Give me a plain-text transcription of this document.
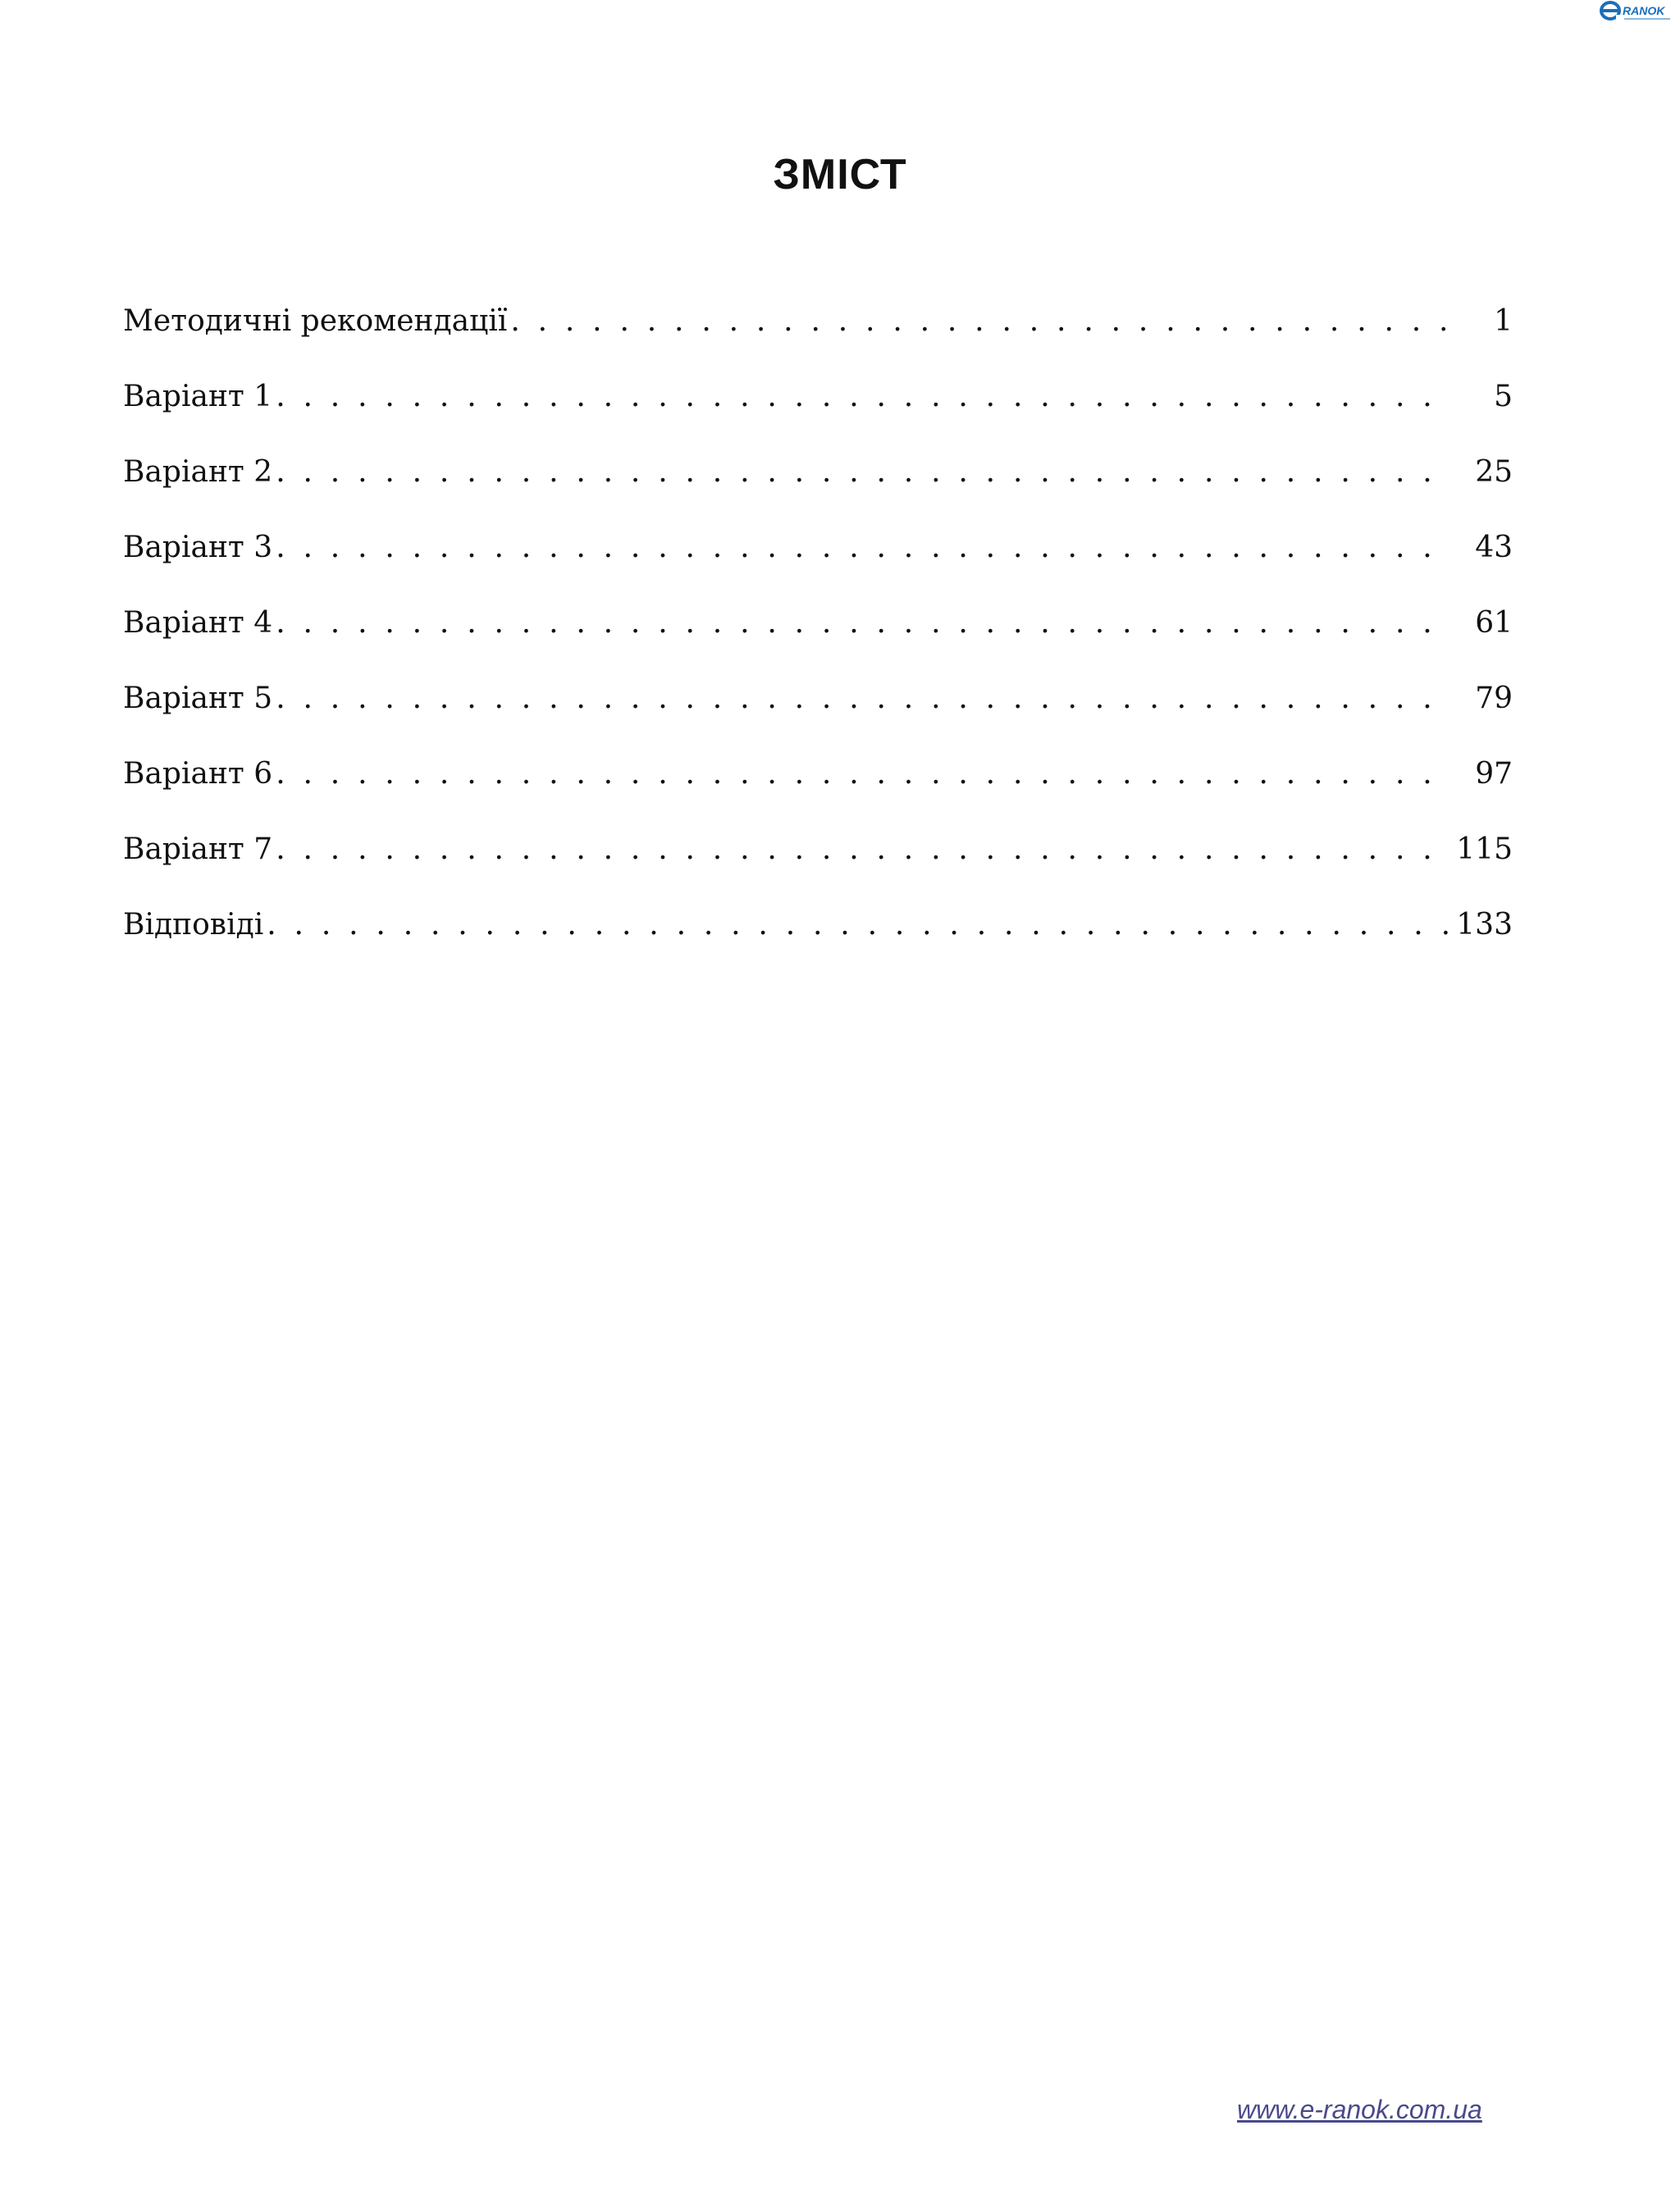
RANOK
ЗМІСТ
Методичні рекомендації . . .	1
Варіант 1 . . .	5
Варіант 2 . . .	25
Варіант 3 . . .	43
Варіант 4 . . .	61
Варіант 5 . . .	79
Варіант 6 . . .	97
Варіант 7 . . .	115
Відповіді . . .	133
www.e-ranok.com.ua
